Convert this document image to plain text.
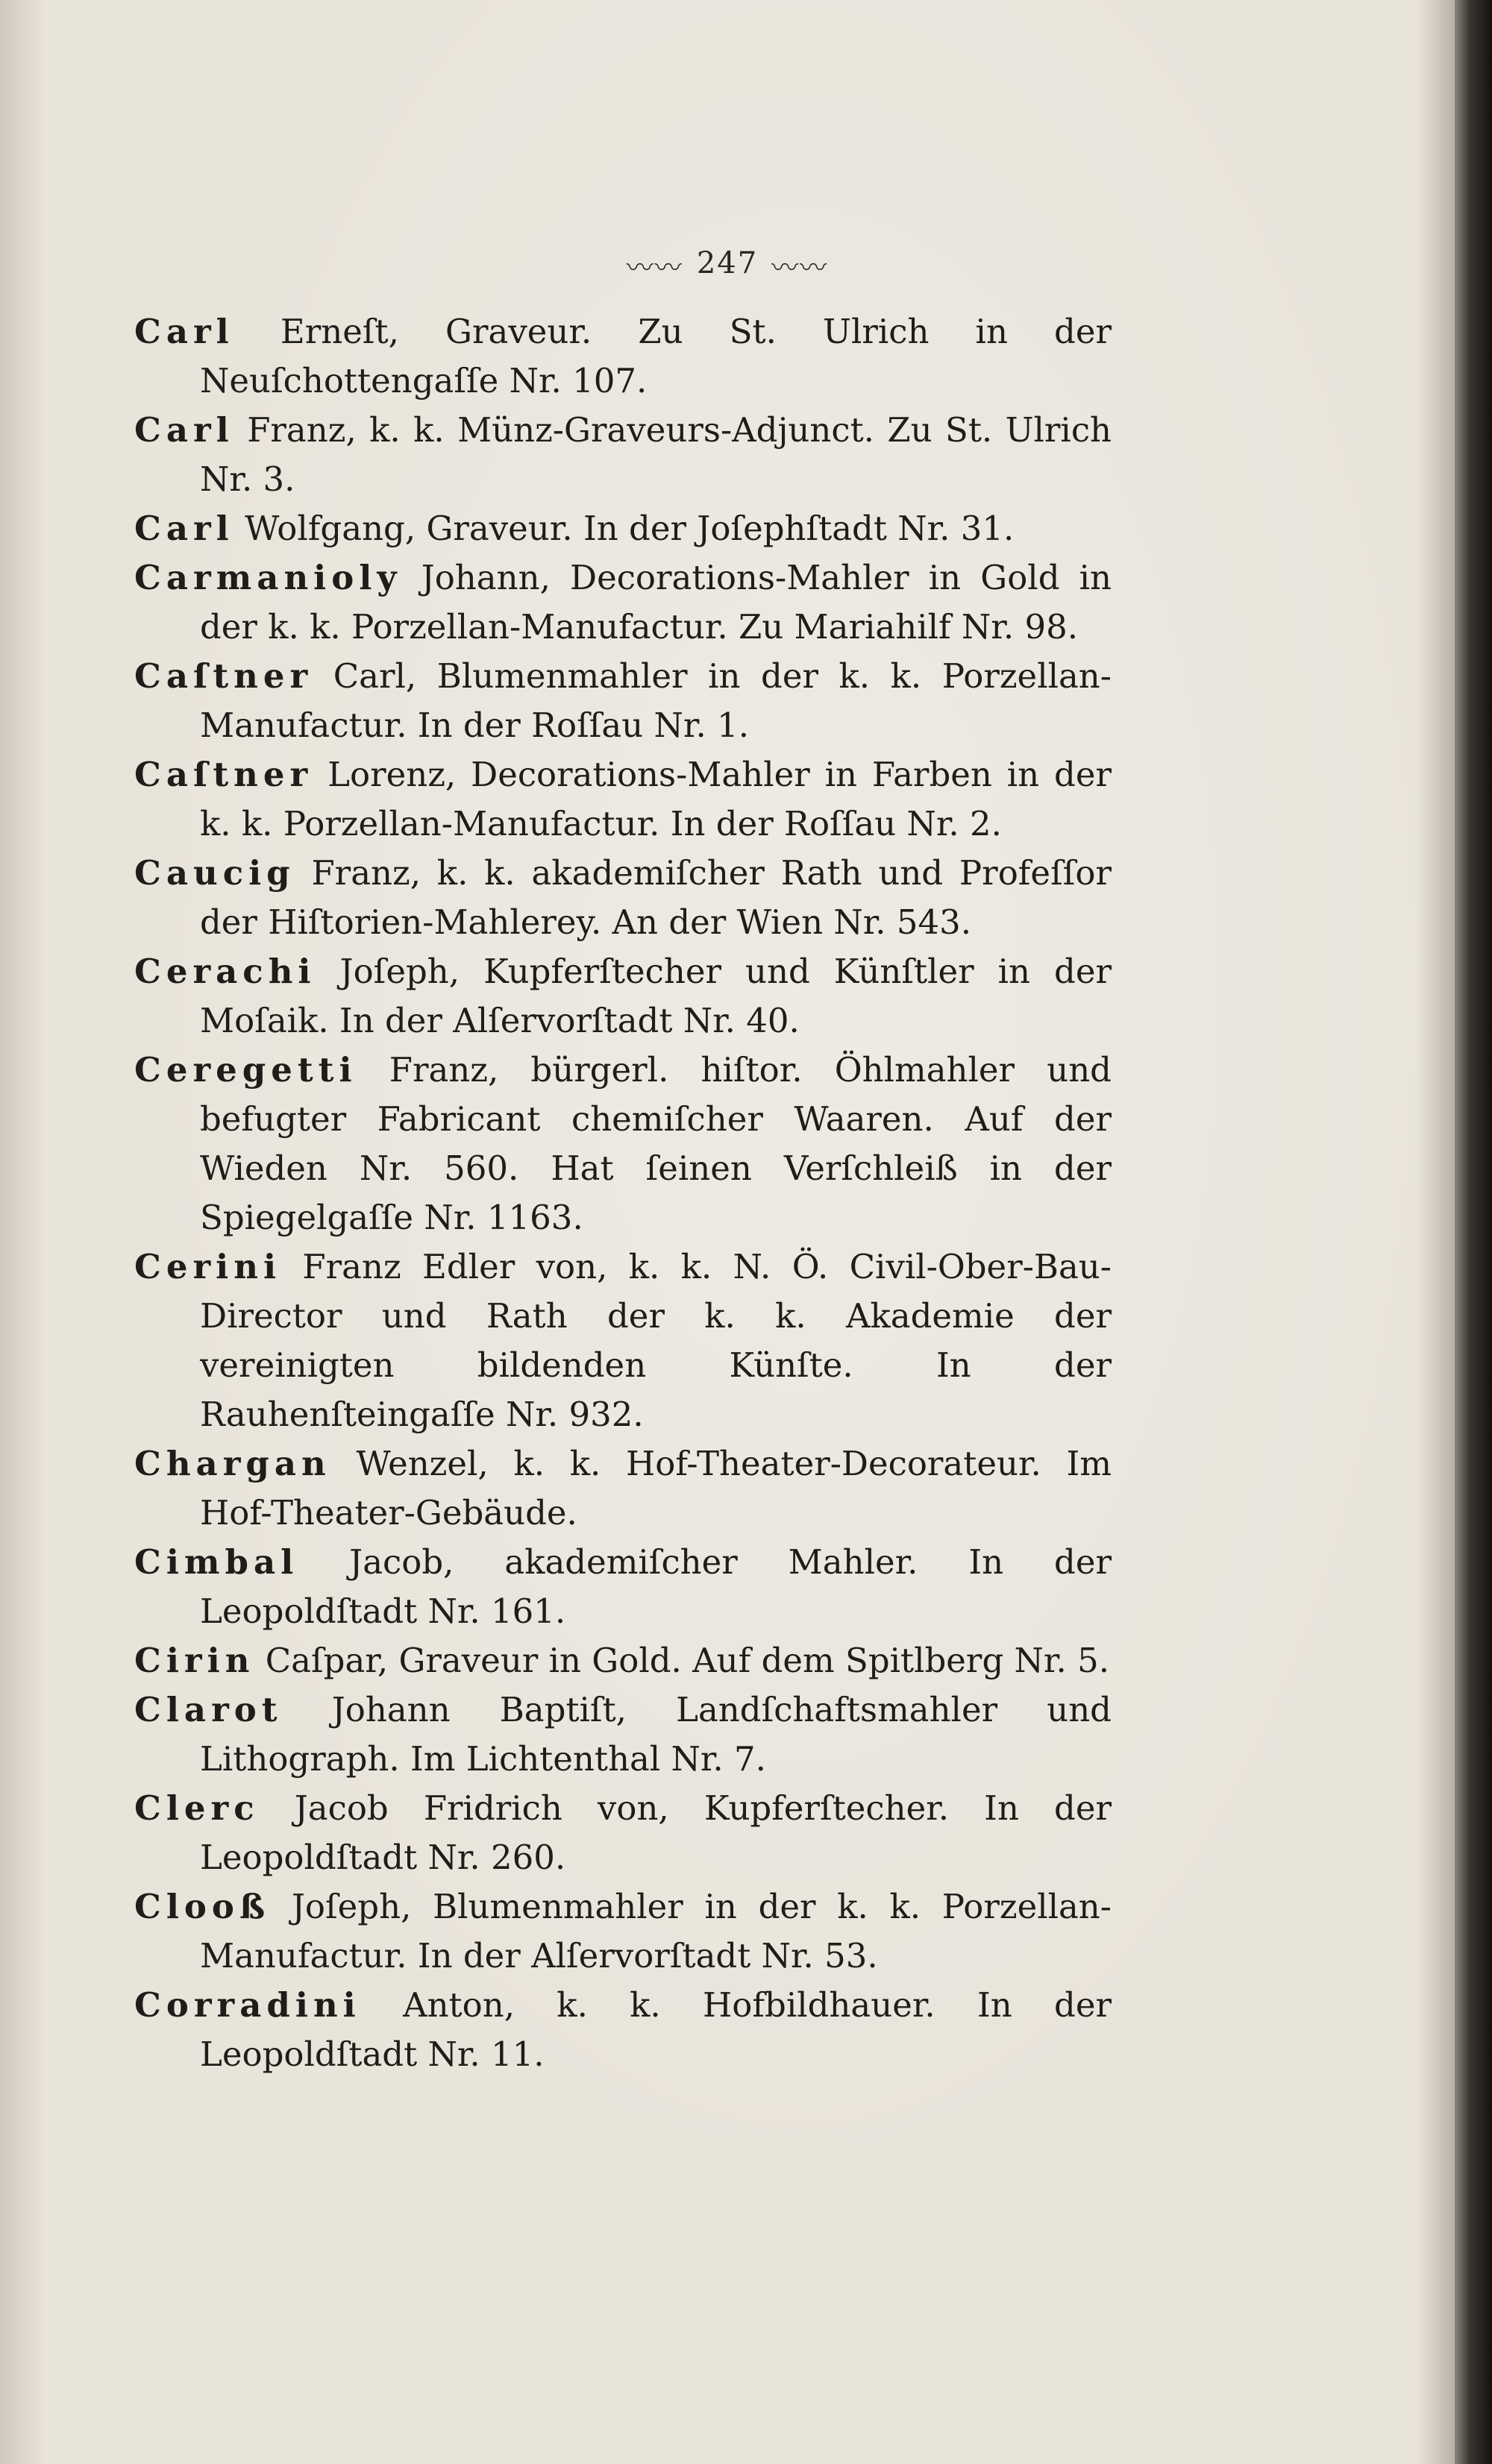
〰〰 247 〰〰

Carl Erneſt, Graveur. Zu St. Ulrich in der Neuſchottengaſſe Nr. 107.

Carl Franz, k. k. Münz-Graveurs-Adjunct. Zu St. Ulrich Nr. 3.

Carl Wolfgang, Graveur. In der Joſephſtadt Nr. 31.

Carmanioly Johann, Decorations-Mahler in Gold in der k. k. Porzellan-Manufactur. Zu Mariahilf Nr. 98.

Caſtner Carl, Blumenmahler in der k. k. Porzellan-Manufactur. In der Roſſau Nr. 1.

Caſtner Lorenz, Decorations-Mahler in Farben in der k. k. Porzellan-Manufactur. In der Roſſau Nr. 2.

Caucig Franz, k. k. akademiſcher Rath und Profeſſor der Hiſtorien-Mahlerey. An der Wien Nr. 543.

Cerachi Joſeph, Kupferſtecher und Künſtler in der Moſaik. In der Alſervorſtadt Nr. 40.

Ceregetti Franz, bürgerl. hiſtor. Öhlmahler und befugter Fabricant chemiſcher Waaren. Auf der Wieden Nr. 560. Hat ſeinen Verſchleiß in der Spiegelgaſſe Nr. 1163.

Cerini Franz Edler von, k. k. N. Ö. Civil-Ober-Bau-Director und Rath der k. k. Akademie der vereinigten bildenden Künſte. In der Rauhenſteingaſſe Nr. 932.

Chargan Wenzel, k. k. Hof-Theater-Decorateur. Im Hof-Theater-Gebäude.

Cimbal Jacob, akademiſcher Mahler. In der Leopoldſtadt Nr. 161.

Cirin Caſpar, Graveur in Gold. Auf dem Spitlberg Nr. 5.

Clarot Johann Baptiſt, Landſchaftsmahler und Lithograph. Im Lichtenthal Nr. 7.

Clerc Jacob Fridrich von, Kupferſtecher. In der Leopoldſtadt Nr. 260.

Clooß Joſeph, Blumenmahler in der k. k. Porzellan-Manufactur. In der Alſervorſtadt Nr. 53.

Corradini Anton, k. k. Hofbildhauer. In der Leopoldſtadt Nr. 11.
